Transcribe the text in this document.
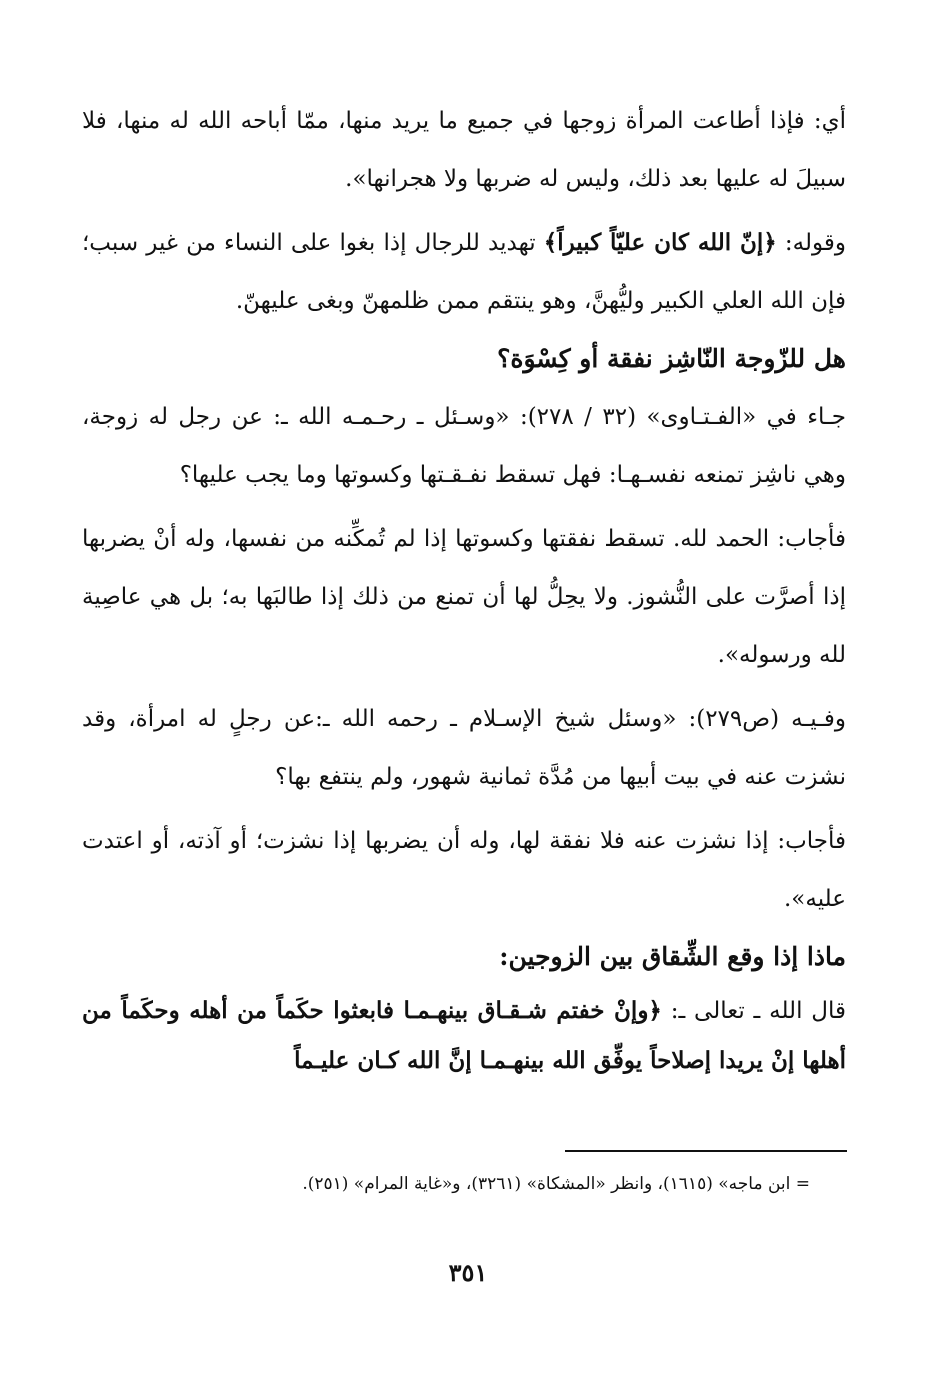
أي: فإذا أطاعت المرأة زوجها في جميع ما يريد منها، ممّا أباحه الله له منها، فلا سبيلَ له عليها بعد ذلك، وليس له ضربها ولا هجرانها».

وقوله: ﴿إنّ الله كان عليّاً كبيراً﴾ تهديد للرجال إذا بغوا على النساء من غير سبب؛ فإن الله العلي الكبير وليُّهنَّ، وهو ينتقم ممن ظلمهنّ وبغى عليهنّ.

هل للزّوجة النّاشِز نفقة أو كِسْوَة؟

جـاء في «الفـتـاوى» (٣٢ / ٢٧٨): «وسـئل ـ رحـمـه الله ـ: عن رجل له زوجة، وهي ناشِز تمنعه نفسـهـا: فهل تسقط نفـقـتها وكسوتها وما يجب عليها؟

فأجاب: الحمد لله. تسقط نفقتها وكسوتها إذا لم تُمكِّنه من نفسها، وله أنْ يضربها إذا أصرَّت على النُّشوز. ولا يحِلُّ لها أن تمنع من ذلك إذا طالبَها به؛ بل هي عاصِية لله ورسوله».

وفـيـه (ص٢٧٩): «وسئل شيخ الإسـلام ـ رحمه الله ـ:عن رجلٍ له امرأة، وقد نشزت عنه في بيت أبيها من مُدَّة ثمانية شهور، ولم ينتفع بها؟

فأجاب: إذا نشزت عنه فلا نفقة لها، وله أن يضربها إذا نشزت؛ أو آذته، أو اعتدت عليه».

ماذا إذا وقع الشِّقاق بين الزوجين:

قال الله ـ تعالى ـ: ﴿وإنْ خفتم شـقـاق بينهـمـا فابعثوا حكَماً من أهله وحكَماً من أهلها إنْ يريدا إصلاحاً يوفِّق الله بينهـمـا إنَّ الله كـان عليـماً

= ابن ماجه» (١٦١٥)، وانظر «المشكاة» (٣٢٦١)، و«غاية المرام» (٢٥١).
٣٥١
